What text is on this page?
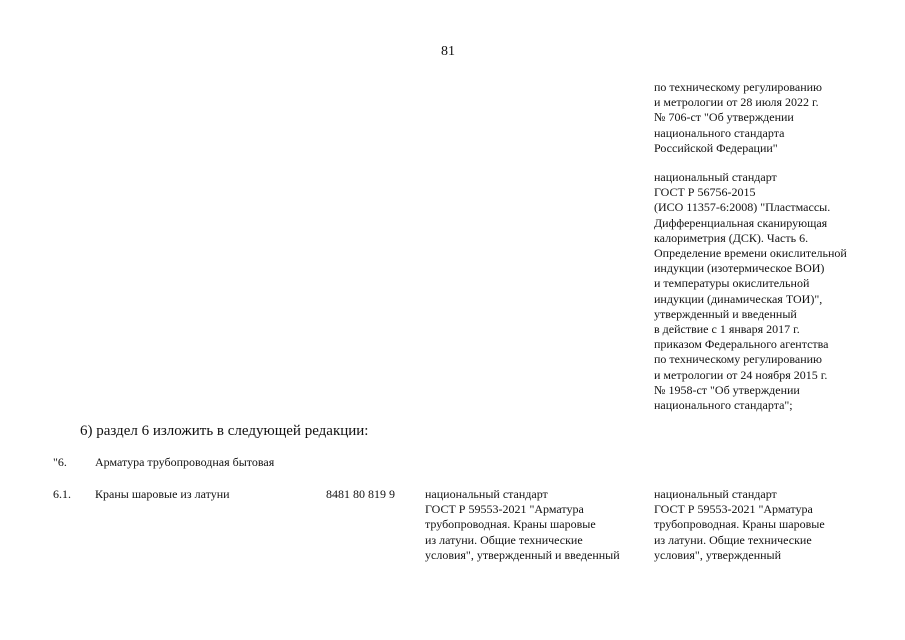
81
по техническому регулированию
и метрологии от 28 июля 2022 г.
№ 706-ст "Об утверждении
национального стандарта
Российской Федерации"
национальный стандарт
ГОСТ Р 56756-2015
(ИСО 11357-6:2008) "Пластмассы.
Дифференциальная сканирующая
калориметрия (ДСК). Часть 6.
Определение времени окислительной
индукции (изотермическое ВОИ)
и температуры окислительной
индукции (динамическая ТОИ)",
утвержденный и введенный
в действие с 1 января 2017 г.
приказом Федерального агентства
по техническому регулированию
и метрологии от 24 ноября 2015 г.
№ 1958-ст "Об утверждении
национального стандарта";
6) раздел 6 изложить в следующей редакции:
"6. Арматура трубопроводная бытовая
6.1. Краны шаровые из латуни	8481 80 819 9	национальный стандарт
ГОСТ Р 59553-2021 "Арматура
трубопроводная. Краны шаровые
из латуни. Общие технические
условия", утвержденный и введенный
национальный стандарт
ГОСТ Р 59553-2021 "Арматура
трубопроводная. Краны шаровые
из латуни. Общие технические
условия", утвержденный
